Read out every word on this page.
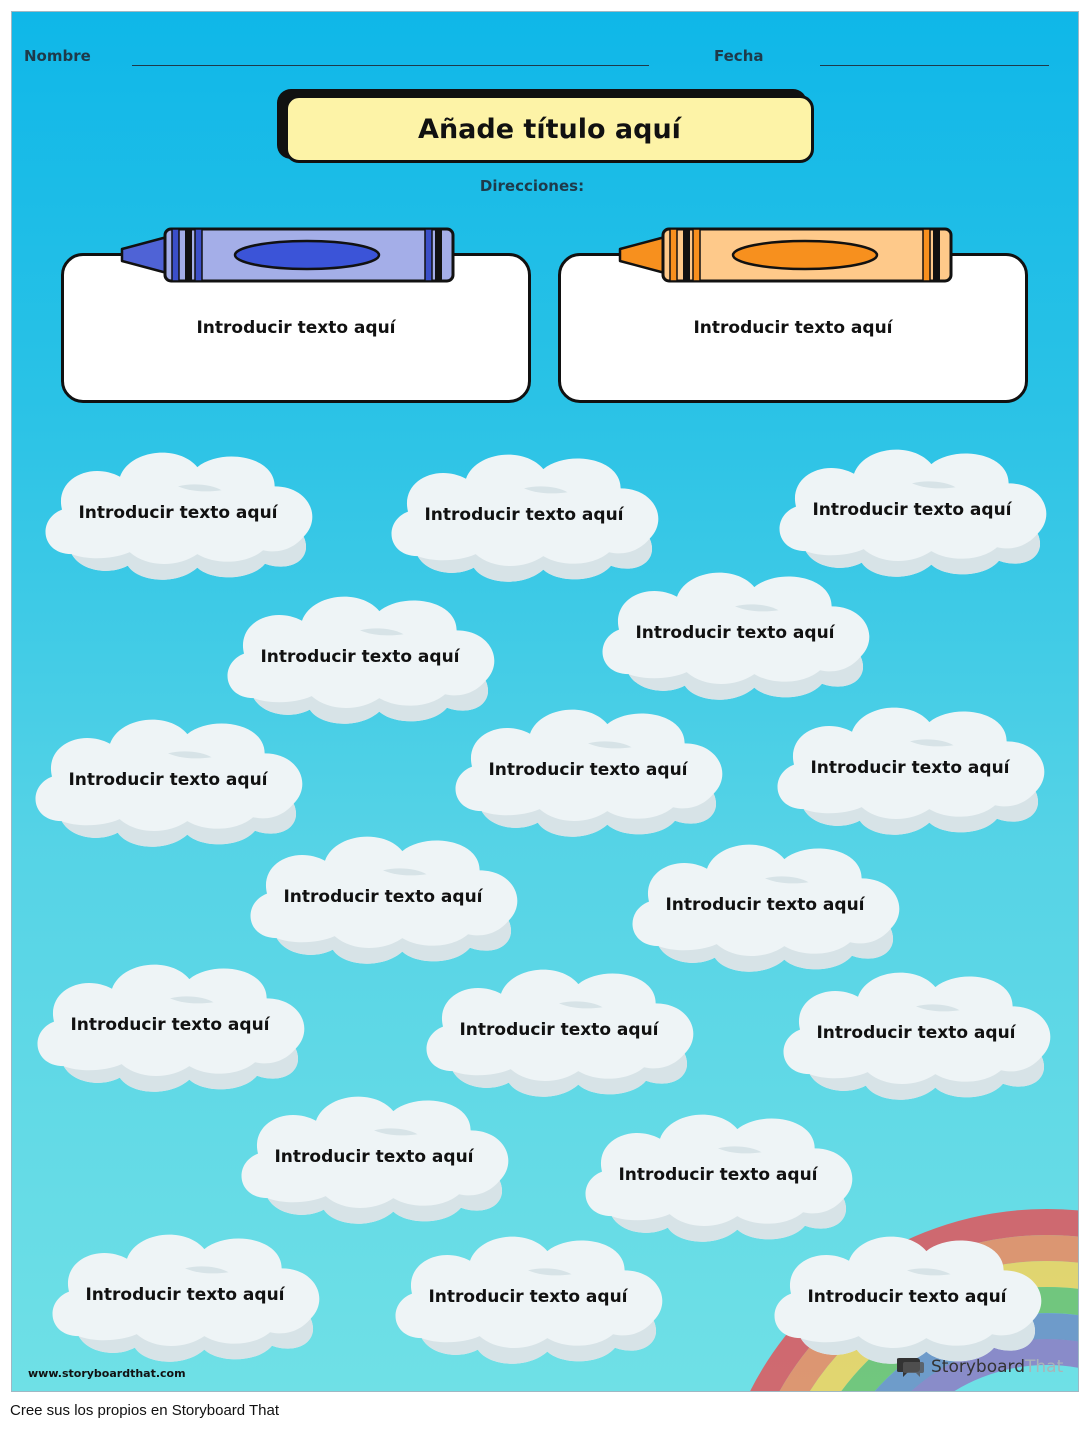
Nombre	Fecha
Añade título aquí
Direcciones:
Introducir texto aquí	Introducir texto aquí
Introducir texto aquí	Introducir texto aquí	Introducir texto aquí
Introducir texto aquí
Introducir texto aquí
Introducir texto aquí	Introducir texto aquí	Introducir texto aquí
Introducir texto aquí	Introducir texto aquí
Introducir texto aquí	Introducir texto aquí	Introducir texto aquí
Introducir texto aquí
Introducir texto aquí
Introducir texto aquí	Introducir texto aquí	Introducir texto aquí
www.storyboardthat.com	Storyboard That
Cree sus los propios en Storyboard That
